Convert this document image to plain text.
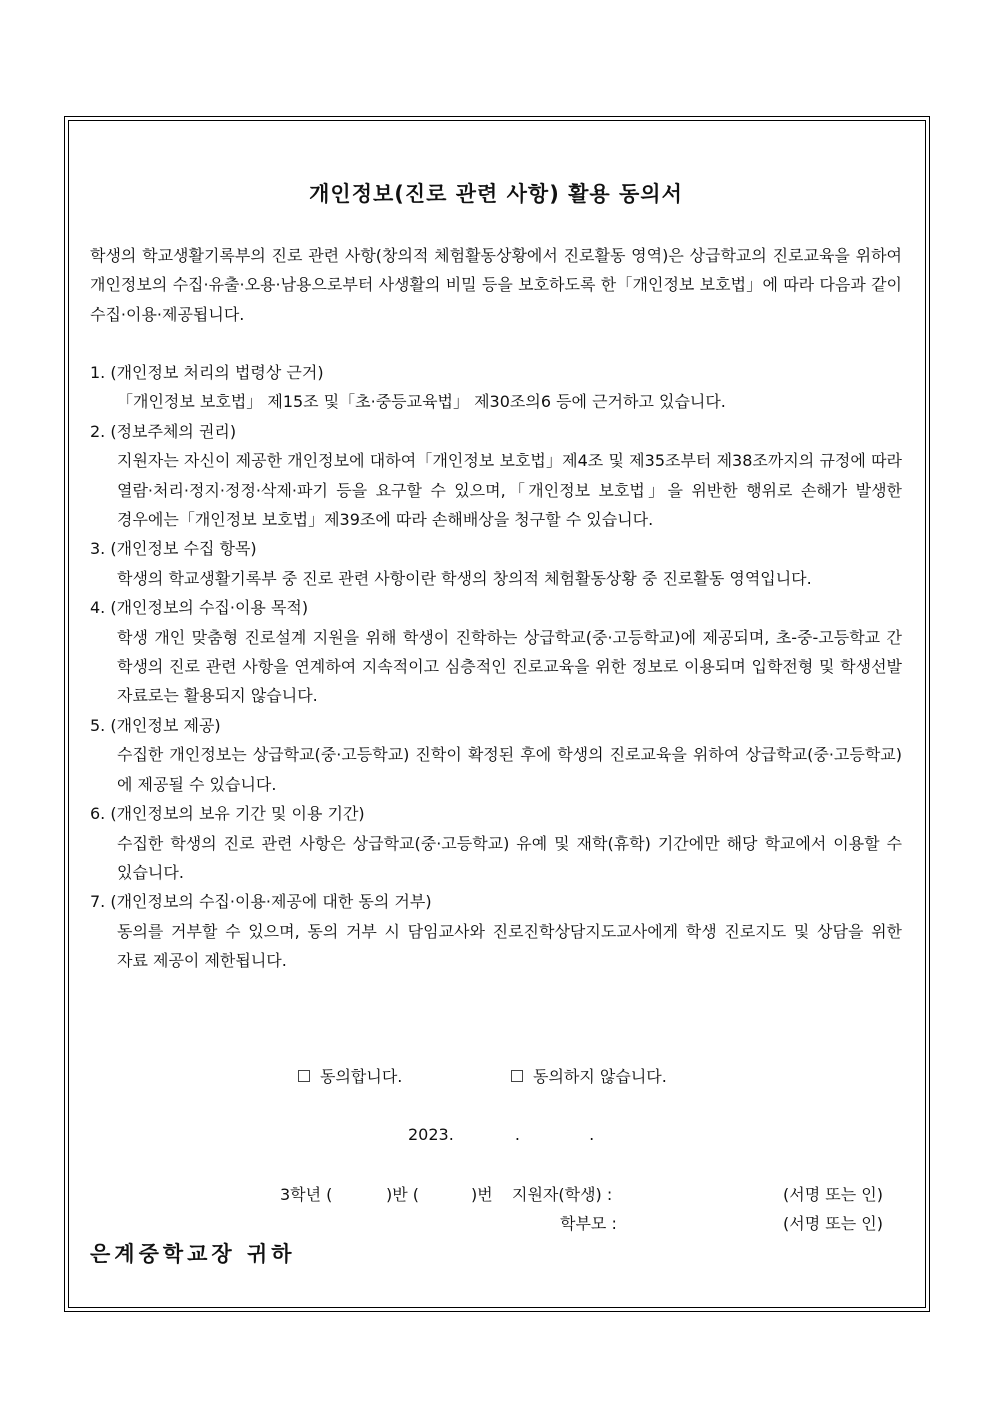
개인정보(진로 관련 사항) 활용 동의서
학생의 학교생활기록부의 진로 관련 사항(창의적 체험활동상황에서 진로활동 영역)은 상급학교의 진로교육을 위하여 개인정보의 수집·유출·오용·남용으로부터 사생활의 비밀 등을 보호하도록 한「개인정보 보호법」에 따라 다음과 같이 수집·이용·제공됩니다.

1. (개인정보 처리의 법령상 근거)

「개인정보 보호법」 제15조 및「초·중등교육법」 제30조의6 등에 근거하고 있습니다.

2. (정보주체의 권리)

지원자는 자신이 제공한 개인정보에 대하여「개인정보 보호법」제4조 및 제35조부터 제38조까지의 규정에 따라 열람·처리·정지·정정·삭제·파기 등을 요구할 수 있으며,「개인정보 보호법」을 위반한 행위로 손해가 발생한 경우에는「개인정보 보호법」제39조에 따라 손해배상을 청구할 수 있습니다.

3. (개인정보 수집 항목)

학생의 학교생활기록부 중 진로 관련 사항이란 학생의 창의적 체험활동상황 중 진로활동 영역입니다.

4. (개인정보의 수집·이용 목적)

학생 개인 맞춤형 진로설계 지원을 위해 학생이 진학하는 상급학교(중·고등학교)에 제공되며, 초-중-고등학교 간 학생의 진로 관련 사항을 연계하여 지속적이고 심층적인 진로교육을 위한 정보로 이용되며 입학전형 및 학생선발 자료로는 활용되지 않습니다.

5. (개인정보 제공)

수집한 개인정보는 상급학교(중·고등학교) 진학이 확정된 후에 학생의 진로교육을 위하여 상급학교(중·고등학교)에 제공될 수 있습니다.

6. (개인정보의 보유 기간 및 이용 기간)

수집한 학생의 진로 관련 사항은 상급학교(중·고등학교) 유예 및 재학(휴학) 기간에만 해당 학교에서 이용할 수 있습니다.

7. (개인정보의 수집·이용·제공에 대한 동의 거부)

동의를 거부할 수 있으며, 동의 거부 시 담임교사와 진로진학상담지도교사에게 학생 진로지도 및 상담을 위한 자료 제공이 제한됩니다.

동의합니다.	동의하지 않습니다.
2023.	.	.
3학년 (	)반 (	)번 지원자(학생) :	(서명 또는 인)
학부모 :	(서명 또는 인)
은계중학교장 귀하
